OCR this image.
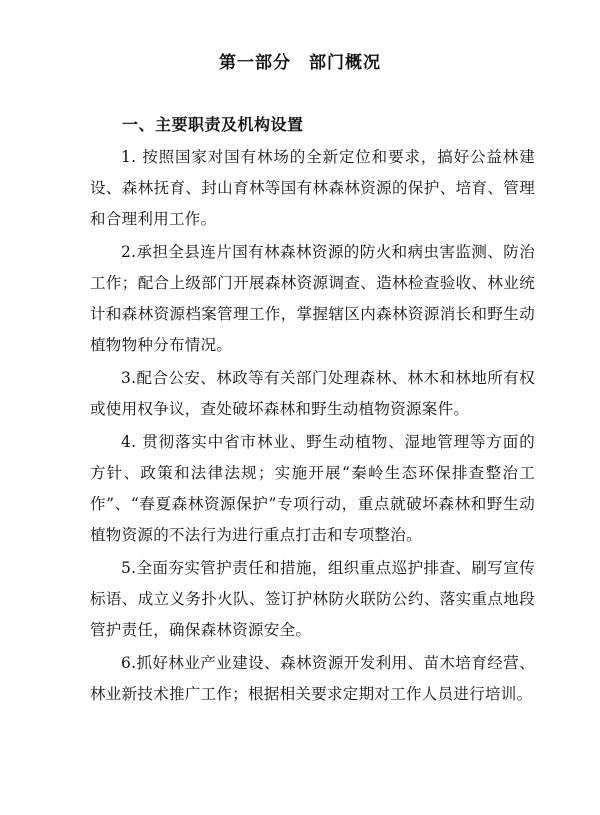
第一部分　部门概况
一、主要职责及机构设置

1. 按照国家对国有林场的全新定位和要求，搞好公益林建设、森林抚育、封山育林等国有林森林资源的保护、培育、管理和合理利用工作。

2.承担全县连片国有林森林资源的防火和病虫害监测、防治工作；配合上级部门开展森林资源调查、造林检查验收、林业统计和森林资源档案管理工作，掌握辖区内森林资源消长和野生动植物物种分布情况。

3.配合公安、林政等有关部门处理森林、林木和林地所有权或使用权争议，查处破坏森林和野生动植物资源案件。

4. 贯彻落实中省市林业、野生动植物、湿地管理等方面的方针、政策和法律法规；实施开展“秦岭生态环保排查整治工作”、“春夏森林资源保护”专项行动，重点就破坏森林和野生动植物资源的不法行为进行重点打击和专项整治。

5.全面夯实管护责任和措施，组织重点巡护排查、刷写宣传标语、成立义务扑火队、签订护林防火联防公约、落实重点地段管护责任，确保森林资源安全。

6.抓好林业产业建设、森林资源开发利用、苗木培育经营、林业新技术推广工作；根据相关要求定期对工作人员进行培训。
